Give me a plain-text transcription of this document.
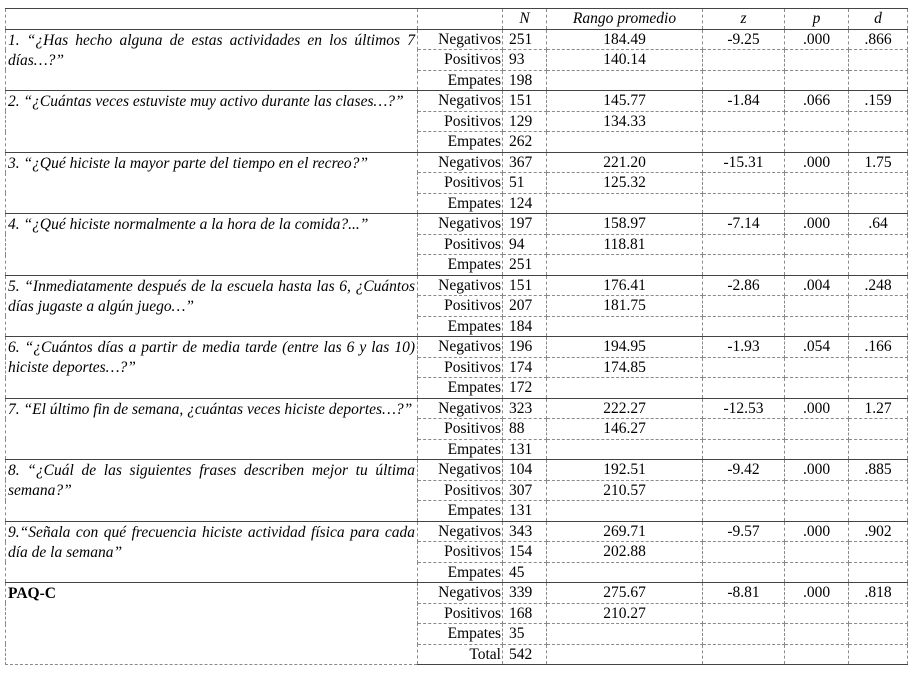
		N	Rango promedio	z	p	d
1. “¿Has hecho alguna de estas actividades en los últimos 7 días…?”	Negativos	251	184.49	-9.25	.000	.866
	Positivos	93	140.14			
	Empates	198				
2. “¿Cuántas veces estuviste muy activo durante las clases…?”	Negativos	151	145.77	-1.84	.066	.159
	Positivos	129	134.33			
	Empates	262				
3. “¿Qué hiciste la mayor parte del tiempo en el recreo?”	Negativos	367	221.20	-15.31	.000	1.75
	Positivos	51	125.32			
	Empates	124				
4. “¿Qué hiciste normalmente a la hora de la comida?...”	Negativos	197	158.97	-7.14	.000	.64
	Positivos	94	118.81			
	Empates	251				
5. “Inmediatamente después de la escuela hasta las 6, ¿Cuántos días jugaste a algún juego…”	Negativos	151	176.41	-2.86	.004	.248
	Positivos	207	181.75			
	Empates	184				
6. “¿Cuántos días a partir de media tarde (entre las 6 y las 10) hiciste deportes…?”	Negativos	196	194.95	-1.93	.054	.166
	Positivos	174	174.85			
	Empates	172				
7. “El último fin de semana, ¿cuántas veces hiciste deportes…?”	Negativos	323	222.27	-12.53	.000	1.27
	Positivos	88	146.27			
	Empates	131				
8. “¿Cuál de las siguientes frases describen mejor tu última semana?”	Negativos	104	192.51	-9.42	.000	.885
	Positivos	307	210.57			
	Empates	131				
9.“Señala con qué frecuencia hiciste actividad física para cada día de la semana”	Negativos	343	269.71	-9.57	.000	.902
	Positivos	154	202.88			
	Empates	45				
PAQ-C	Negativos	339	275.67	-8.81	.000	.818
	Positivos	168	210.27			
	Empates	35				
	Total	542				
